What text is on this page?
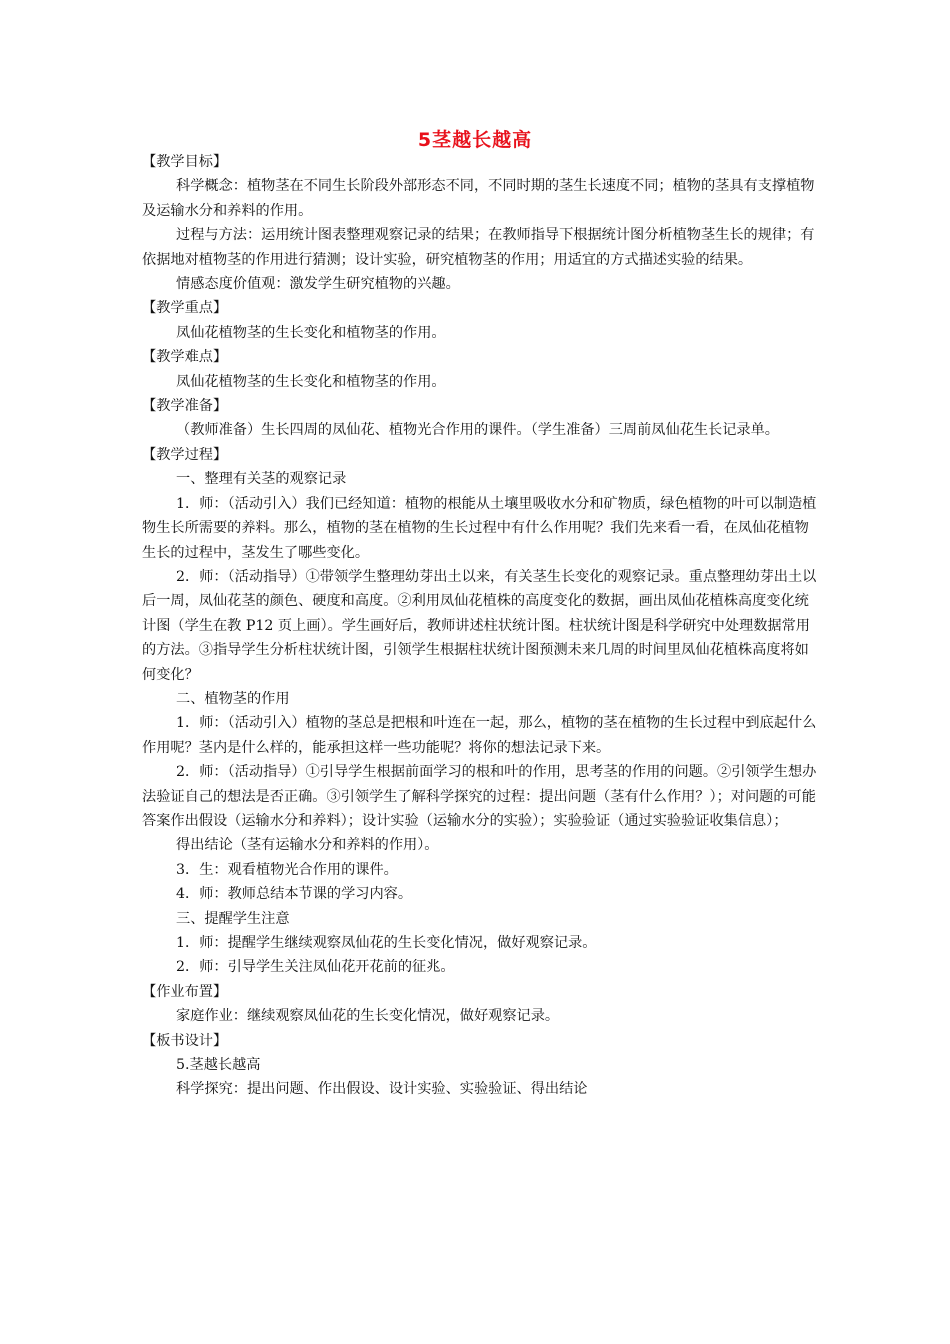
5茎越长越高

【教学目标】

科学概念：植物茎在不同生长阶段外部形态不同，不同时期的茎生长速度不同；植物的茎具有支撑植物及运输水分和养料的作用。

过程与方法：运用统计图表整理观察记录的结果；在教师指导下根据统计图分析植物茎生长的规律；有依据地对植物茎的作用进行猜测；设计实验，研究植物茎的作用；用适宜的方式描述实验的结果。

情感态度价值观：激发学生研究植物的兴趣。

【教学重点】

凤仙花植物茎的生长变化和植物茎的作用。

【教学难点】

凤仙花植物茎的生长变化和植物茎的作用。

【教学准备】

（教师准备）生长四周的凤仙花、植物光合作用的课件。（学生准备）三周前凤仙花生长记录单。

【教学过程】

一、整理有关茎的观察记录

1．师：（活动引入）我们已经知道：植物的根能从土壤里吸收水分和矿物质，绿色植物的叶可以制造植物生长所需要的养料。那么，植物的茎在植物的生长过程中有什么作用呢？我们先来看一看，在凤仙花植物生长的过程中，茎发生了哪些变化。

2．师：（活动指导）①带领学生整理幼芽出土以来，有关茎生长变化的观察记录。重点整理幼芽出土以后一周，凤仙花茎的颜色、硬度和高度。②利用凤仙花植株的高度变化的数据，画出凤仙花植株高度变化统计图（学生在教 P12 页上画）。学生画好后，教师讲述柱状统计图。柱状统计图是科学研究中处理数据常用的方法。③指导学生分析柱状统计图，引领学生根据柱状统计图预测未来几周的时间里凤仙花植株高度将如何变化？

二、植物茎的作用

1．师：（活动引入）植物的茎总是把根和叶连在一起，那么，植物的茎在植物的生长过程中到底起什么作用呢？茎内是什么样的，能承担这样一些功能呢？将你的想法记录下来。

2．师：（活动指导）①引导学生根据前面学习的根和叶的作用，思考茎的作用的问题。②引领学生想办法验证自己的想法是否正确。③引领学生了解科学探究的过程：提出问题（茎有什么作用？）；对问题的可能答案作出假设（运输水分和养料）；设计实验（运输水分的实验）；实验验证（通过实验验证收集信息）；

得出结论（茎有运输水分和养料的作用）。

3．生：观看植物光合作用的课件。

4．师：教师总结本节课的学习内容。

三、提醒学生注意

1．师：提醒学生继续观察凤仙花的生长变化情况，做好观察记录。

2．师：引导学生关注凤仙花开花前的征兆。

【作业布置】

家庭作业：继续观察凤仙花的生长变化情况，做好观察记录。

【板书设计】

5.茎越长越高

科学探究：提出问题、作出假设、设计实验、实验验证、得出结论
